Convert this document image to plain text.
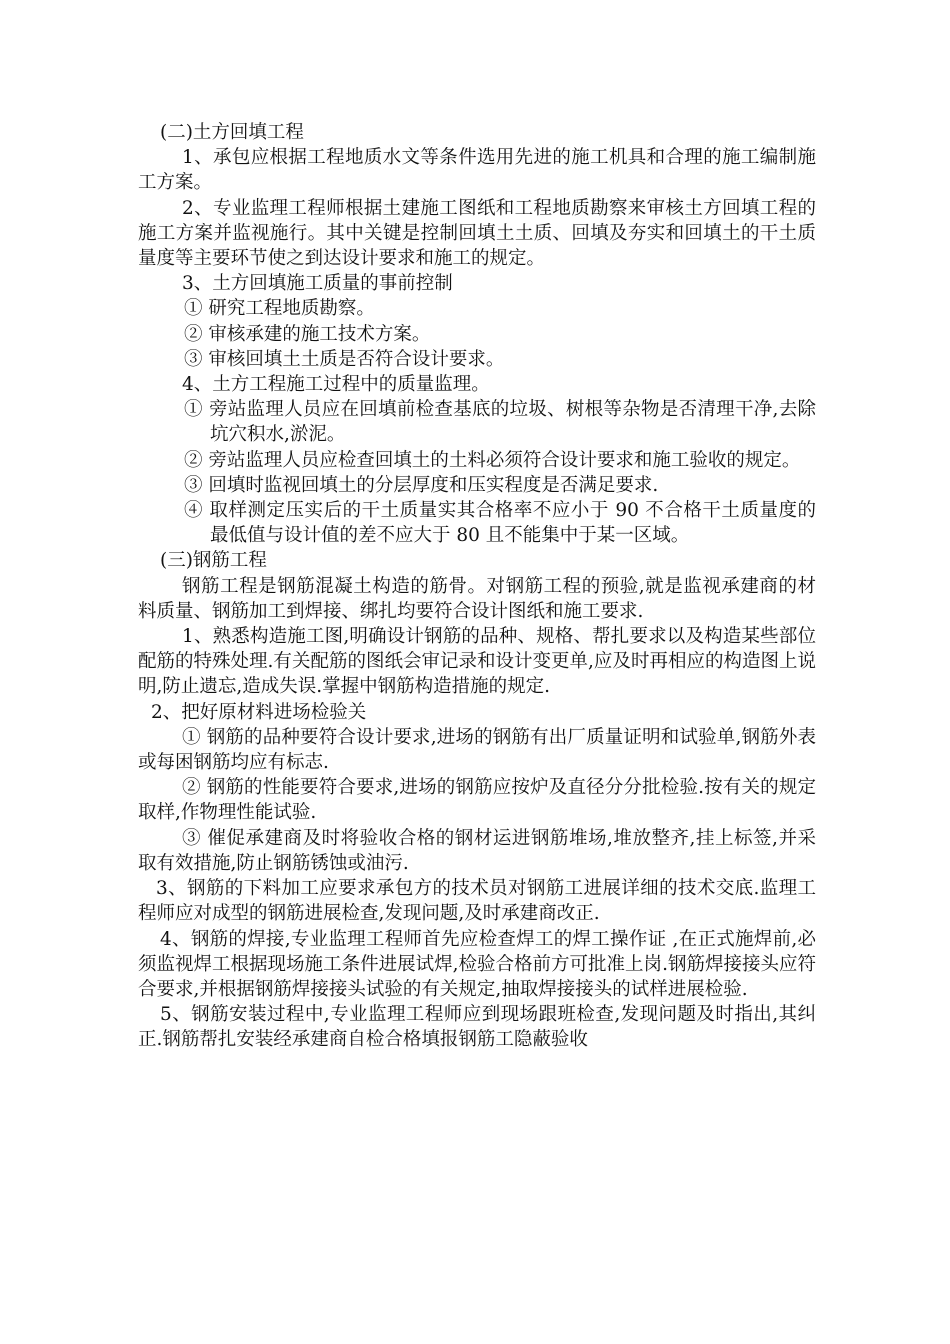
(二)土方回填工程

1、承包应根据工程地质水文等条件选用先进的施工机具和合理的施工编制施工方案。

2、专业监理工程师根据土建施工图纸和工程地质勘察来审核土方回填工程的施工方案并监视施行。其中关键是控制回填土土质、回填及夯实和回填土的干土质量度等主要环节使之到达设计要求和施工的规定。

3、土方回填施工质量的事前控制

① 研究工程地质勘察。

② 审核承建的施工技术方案。

③ 审核回填土土质是否符合设计要求。

4、土方工程施工过程中的质量监理。

① 旁站监理人员应在回填前检查基底的垃圾、树根等杂物是否清理干净,去除坑穴积水,淤泥。

② 旁站监理人员应检查回填土的土料必须符合设计要求和施工验收的规定。

③ 回填时监视回填土的分层厚度和压实程度是否满足要求.

④ 取样测定压实后的干土质量实其合格率不应小于 90 不合格干土质量度的最低值与设计值的差不应大于 80 且不能集中于某一区域。

(三)钢筋工程

钢筋工程是钢筋混凝土构造的筋骨。对钢筋工程的预验,就是监视承建商的材料质量、钢筋加工到焊接、绑扎均要符合设计图纸和施工要求.

1、熟悉构造施工图,明确设计钢筋的品种、规格、帮扎要求以及构造某些部位配筋的特殊处理.有关配筋的图纸会审记录和设计变更单,应及时再相应的构造图上说明,防止遗忘,造成失误.掌握中钢筋构造措施的规定.

2、把好原材料进场检验关

① 钢筋的品种要符合设计要求,进场的钢筋有出厂质量证明和试验单,钢筋外表或每困钢筋均应有标志.

② 钢筋的性能要符合要求,进场的钢筋应按炉及直径分分批检验.按有关的规定取样,作物理性能试验.

③ 催促承建商及时将验收合格的钢材运进钢筋堆场,堆放整齐,挂上标签,并采取有效措施,防止钢筋锈蚀或油污.

3、钢筋的下料加工应要求承包方的技术员对钢筋工进展详细的技术交底.监理工程师应对成型的钢筋进展检查,发现问题,及时承建商改正.

4、钢筋的焊接,专业监理工程师首先应检查焊工的焊工操作证 ,在正式施焊前,必须监视焊工根据现场施工条件进展试焊,检验合格前方可批准上岗.钢筋焊接接头应符合要求,并根据钢筋焊接接头试验的有关规定,抽取焊接接头的试样进展检验.

5、钢筋安装过程中,专业监理工程师应到现场跟班检查,发现问题及时指出,其纠正.钢筋帮扎安装经承建商自检合格填报钢筋工隐蔽验收
